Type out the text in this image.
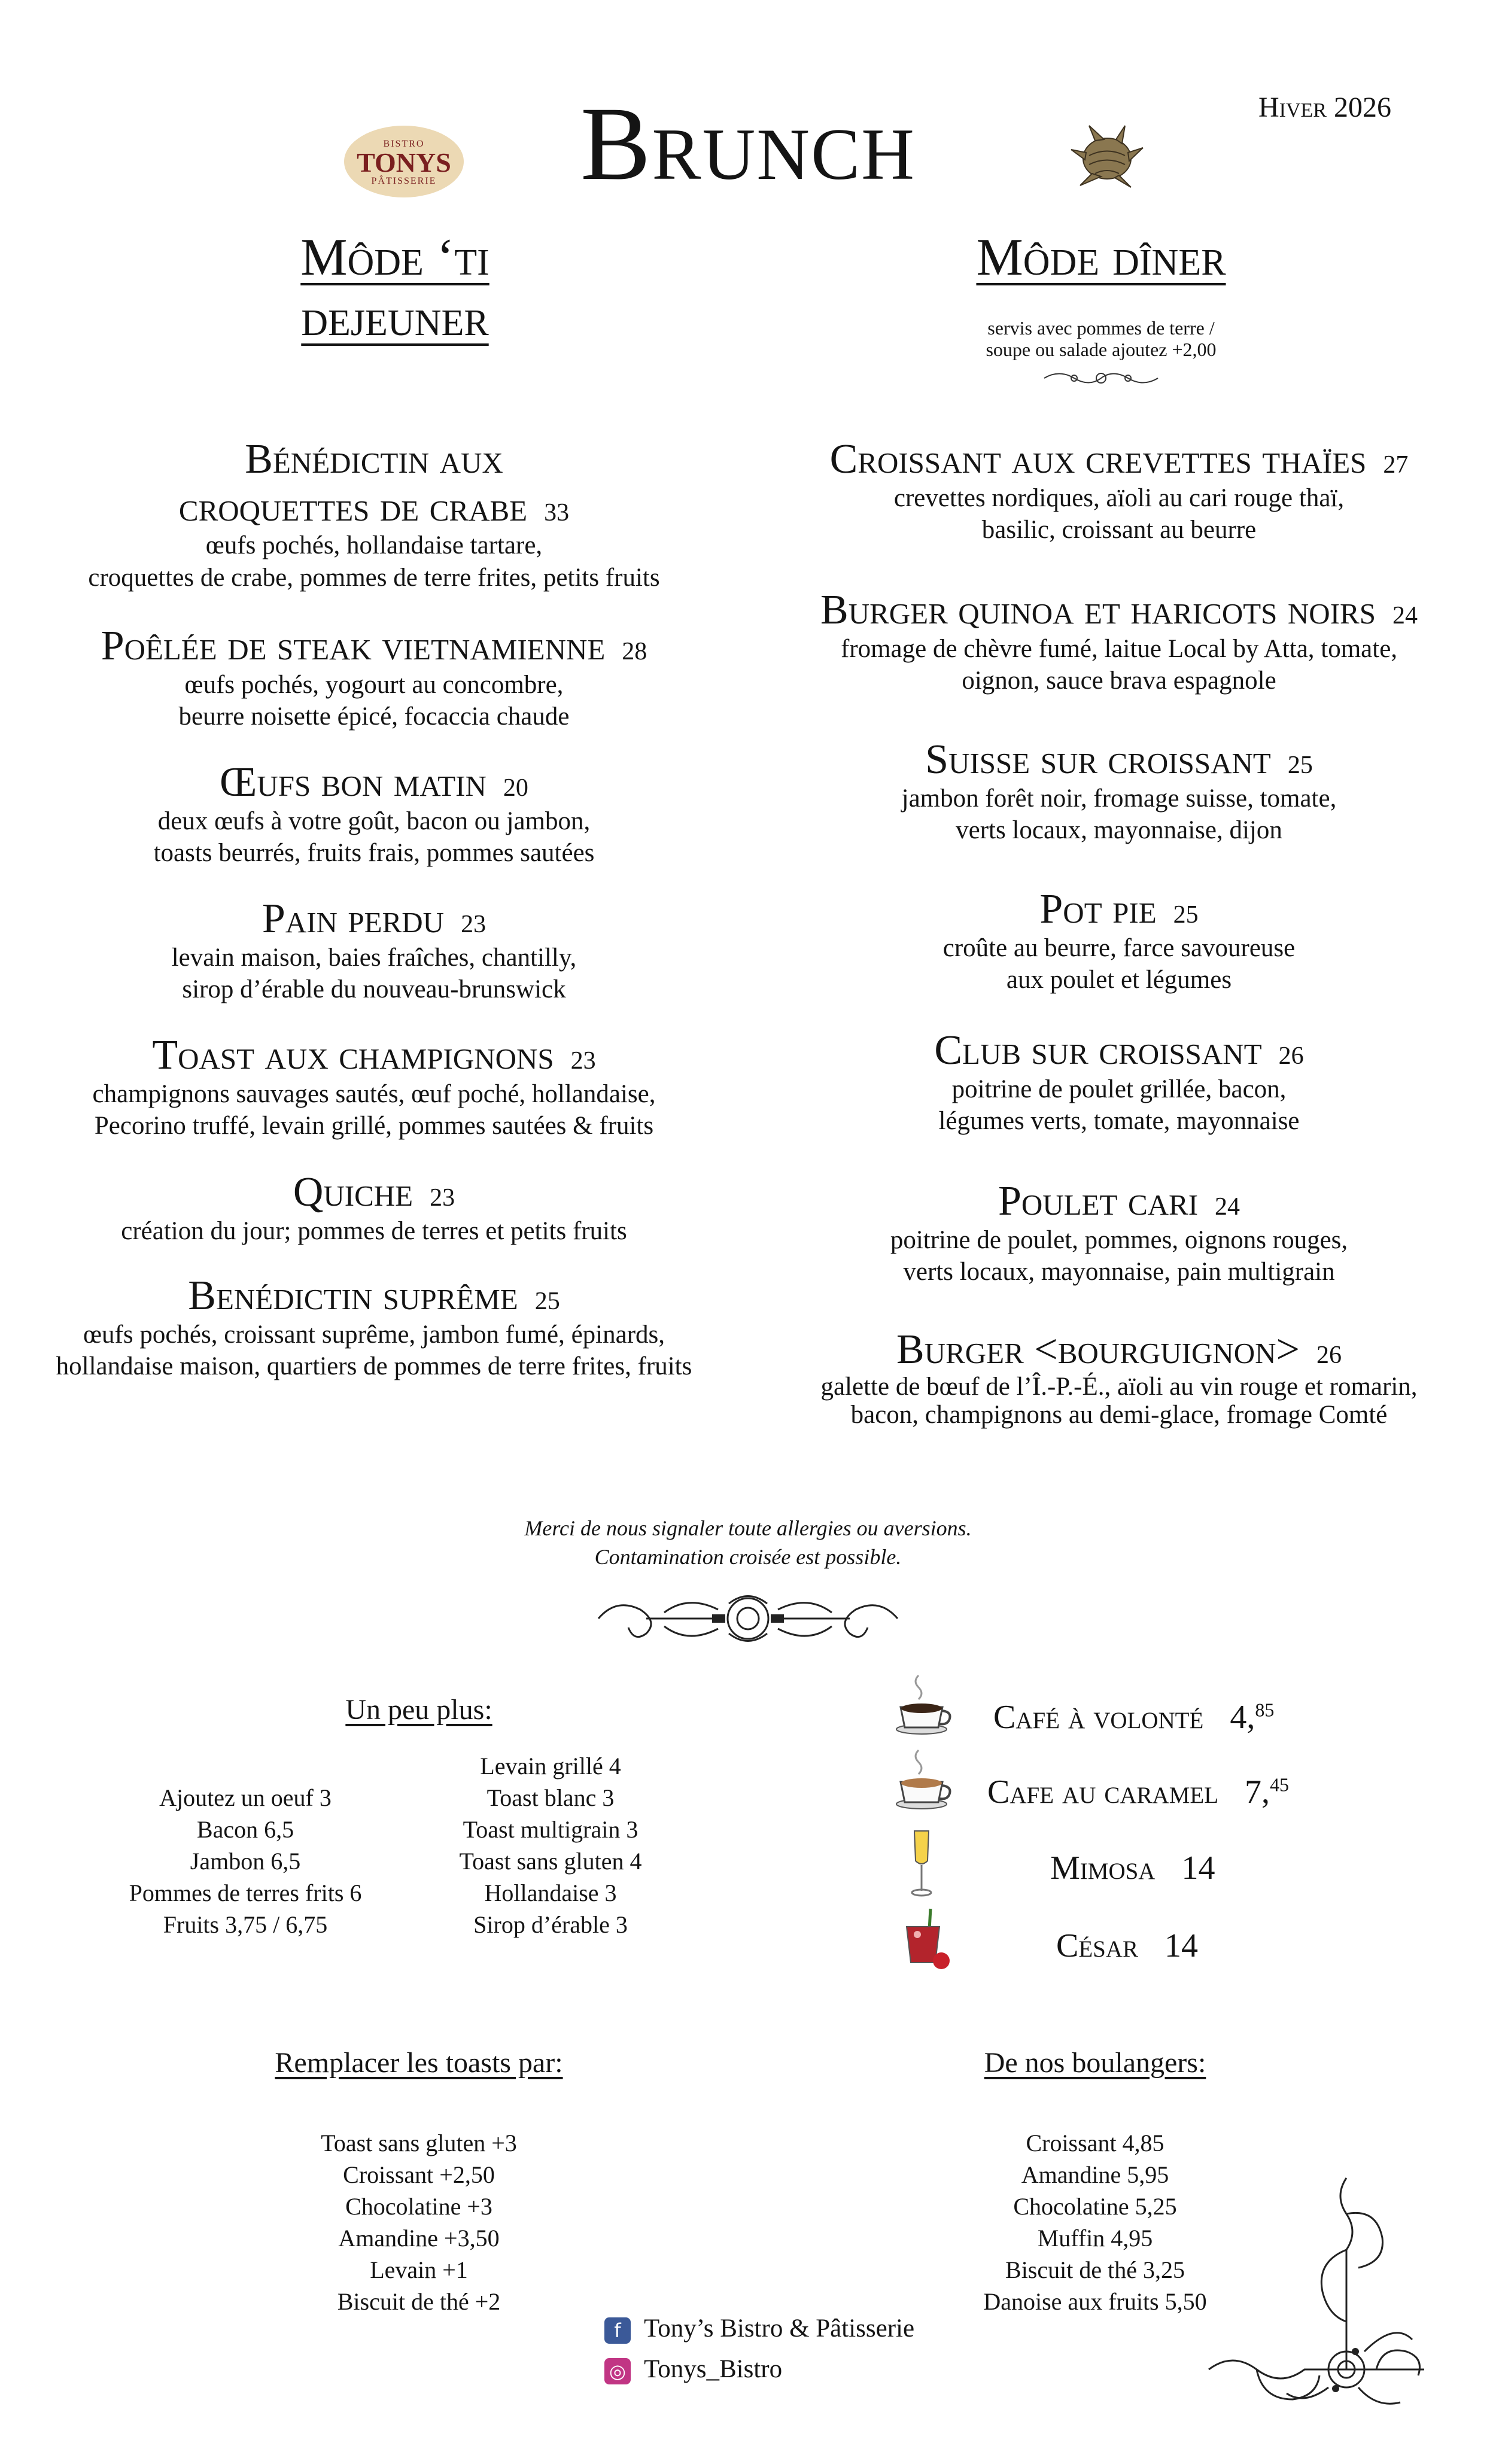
Hiver 2026
Brunch
BISTRO
TONYS
PÂTISSERIE
Môde ‘ti dejeuner
Môde dîner
servis avec pommes de terre /
soupe ou salade ajoutez +2,00
Bénédictin aux
croquettes de crabe 33
œufs pochés, hollandaise tartare,
croquettes de crabe, pommes de terre frites, petits fruits
Poêlée de steak vietnamienne 28
œufs pochés, yogourt au concombre,
beurre noisette épicé, focaccia chaude
Œufs bon matin 20
deux œufs à votre goût, bacon ou jambon,
toasts beurrés, fruits frais, pommes sautées
Pain perdu 23
levain maison, baies fraîches, chantilly,
sirop d’érable du nouveau-brunswick
Toast aux champignons 23
champignons sauvages sautés, œuf poché, hollandaise,
Pecorino truffé, levain grillé, pommes sautées & fruits
Quiche 23
création du jour; pommes de terres et petits fruits
Benédictin suprême 25
œufs pochés, croissant suprême, jambon fumé, épinards,
hollandaise maison, quartiers de pommes de terre frites, fruits
Croissant aux crevettes thaïes 27
crevettes nordiques, aïoli au cari rouge thaï,
basilic, croissant au beurre
Burger quinoa et haricots noirs 24
fromage de chèvre fumé, laitue Local by Atta, tomate,
oignon, sauce brava espagnole
Suisse sur croissant 25
jambon forêt noir, fromage suisse, tomate,
verts locaux, mayonnaise, dijon
Pot pie 25
croûte au beurre, farce savoureuse
aux poulet et légumes
Club sur croissant 26
poitrine de poulet grillée, bacon,
légumes verts, tomate, mayonnaise
Poulet cari 24
poitrine de poulet, pommes, oignons rouges,
verts locaux, mayonnaise, pain multigrain
Burger <bourguignon> 26
galette de bœuf de l’Î.-P.-É., aïoli au vin rouge et romarin,
bacon, champignons au demi-glace, fromage Comté
Merci de nous signaler toute allergies ou aversions.
Contamination croisée est possible.
Un peu plus:
Ajoutez un oeuf 3
Bacon 6,5
Jambon 6,5
Pommes de terres frits 6
Fruits 3,75 / 6,75
Levain grillé 4
Toast blanc 3
Toast multigrain 3
Toast sans gluten 4
Hollandaise 3
Sirop d’érable 3
Café à volonté 4,85
Cafe au caramel 7,45
Mimosa 14
César 14
Remplacer les toasts par:
Toast sans gluten +3
Croissant +2,50
Chocolatine +3
Amandine +3,50
Levain +1
Biscuit de thé +2
De nos boulangers:
Croissant 4,85
Amandine 5,95
Chocolatine 5,25
Muffin 4,95
Biscuit de thé 3,25
Danoise aux fruits 5,50
f Tony’s Bistro & Pâtisserie
◎ Tonys_Bistro
